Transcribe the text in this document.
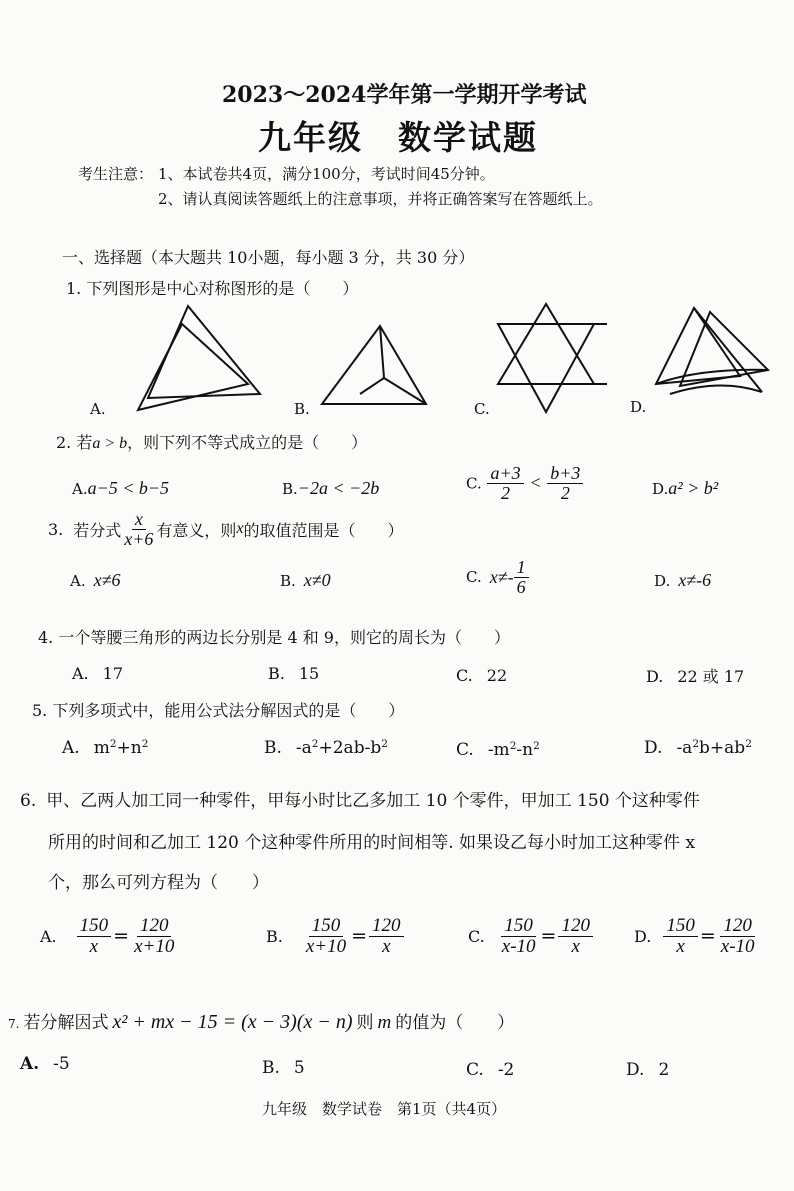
2023～2024学年第一学期开学考试
九年级　数学试题
考生注意： 1、本试卷共4页，满分100分，考试时间45分钟。
2、请认真阅读答题纸上的注意事项，并将正确答案写在答题纸上。
一、选择题（本大题共 10小题，每小题 3 分，共 30 分）
1. 下列图形是中心对称图形的是（　　）
A.	B.	C.	D.
2. 若a > b，则下列不等式成立的是（　　）
A.a−5 < b−5	B.−2a < −2b	C. $\frac{a+3}{2} < \frac{b+3}{2}$	D.a² > b²
3. 若分式 $\frac{x}{x+6}$ 有意义，则 x 的取值范围是（　　）
A. x≠6	B. x≠0	C. $x\ne- \frac{1}{6}$	D. x≠-6
4. 一个等腰三角形的两边长分别是 4 和 9，则它的周长为（　　）
A. 17	B. 15	C. 22	D. 22 或 17
5. 下列多项式中，能用公式法分解因式的是（　　）
A. $m^2+n^2$	B. $-a^2+2ab-b^2$	C. $-m^2-n^2$	D. $-a^2b+ab^2$
6. 甲、乙两人加工同一种零件，甲每小时比乙多加工 10 个零件，甲加工 150 个这种零件
所用的时间和乙加工 120 个这种零件所用的时间相等. 如果设乙每小时加工这种零件 x
个，那么可列方程为（　　）
A. $\frac{150}{x} = \frac{120}{x+10}$	B. $\frac{150}{x+10} = \frac{120}{x}$	C. $\frac{150}{x-10} = \frac{120}{x}$	D. $\frac{150}{x} = \frac{120}{x-10}$
7. 若分解因式 x² + mx − 15 = (x − 3)(x − n) 则 m 的值为（　　）
A. -5	B. 5	C. -2	D. 2
九年级　数学试卷　第1页（共4页）
